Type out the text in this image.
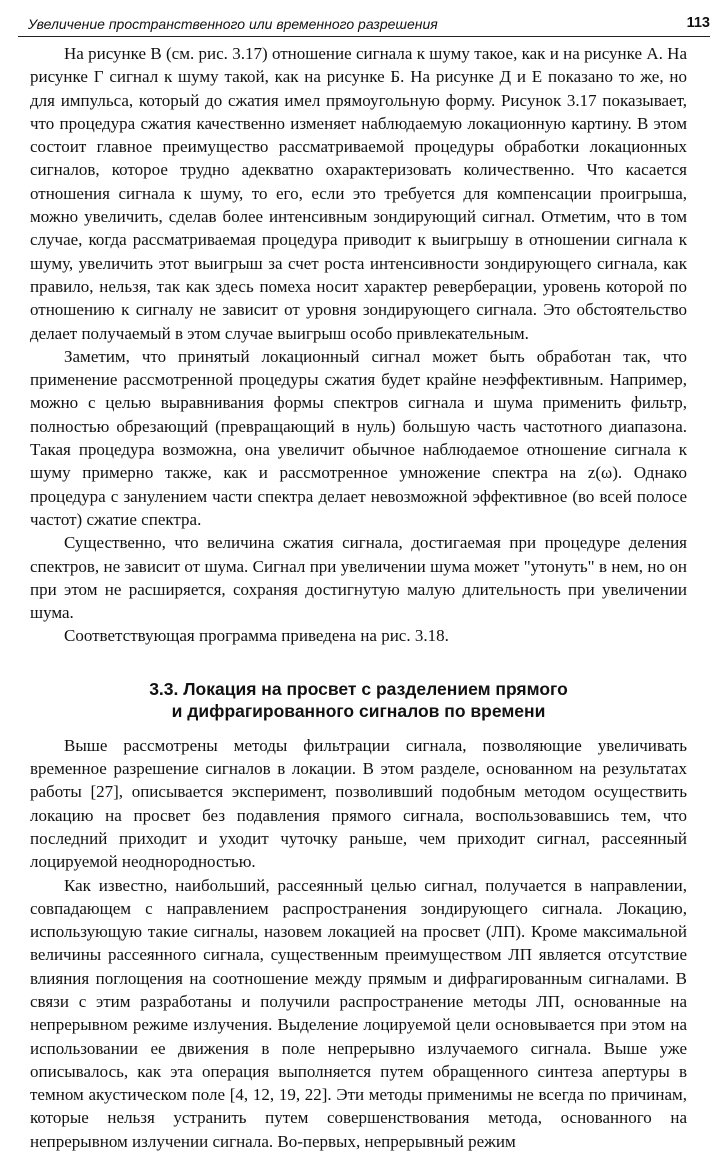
Увеличение пространственного или временного разрешения	113

На рисунке В (см. рис. 3.17) отношение сигнала к шуму такое, как и на рисунке А. На рисунке Г сигнал к шуму такой, как на рисунке Б. На рисунке Д и Е показано то же, но для импульса, который до сжатия имел прямоугольную форму. Рисунок 3.17 показывает, что процедура сжатия качественно изменяет наблюдаемую локационную картину. В этом состоит главное преимущество рассматриваемой процедуры обработки локационных сигналов, которое трудно адекватно охарактеризовать количественно. Что касается отношения сигнала к шуму, то его, если это требуется для компенсации проигрыша, можно увеличить, сделав более интенсивным зондирующий сигнал. Отметим, что в том случае, когда рассматриваемая процедура приводит к выигрышу в отношении сигнала к шуму, увеличить этот выигрыш за счет роста интенсивности зондирующего сигнала, как правило, нельзя, так как здесь помеха носит характер реверберации, уровень которой по отношению к сигналу не зависит от уровня зондирующего сигнала. Это обстоятельство делает получаемый в этом случае выигрыш особо привлекательным.

Заметим, что принятый локационный сигнал может быть обработан так, что применение рассмотренной процедуры сжатия будет крайне неэффективным. Например, можно с целью выравнивания формы спектров сигнала и шума применить фильтр, полностью обрезающий (превращающий в нуль) большую часть частотного диапазона. Такая процедура возможна, она увеличит обычное наблюдаемое отношение сигнала к шуму примерно также, как и рассмотренное умножение спектра на z(ω). Однако процедура с занулением части спектра делает невозможной эффективное (во всей полосе частот) сжатие спектра.

Существенно, что величина сжатия сигнала, достигаемая при процедуре деления спектров, не зависит от шума. Сигнал при увеличении шума может "утонуть" в нем, но он при этом не расширяется, сохраняя достигнутую малую длительность при увеличении шума.

Соответствующая программа приведена на рис. 3.18.

3.3. Локация на просвет с разделением прямого
и дифрагированного сигналов по времени

Выше рассмотрены методы фильтрации сигнала, позволяющие увеличивать временное разрешение сигналов в локации. В этом разделе, основанном на результатах работы [27], описывается эксперимент, позволивший подобным методом осуществить локацию на просвет без подавления прямого сигнала, воспользовавшись тем, что последний приходит и уходит чуточку раньше, чем приходит сигнал, рассеянный лоцируемой неоднородностью.

Как известно, наибольший, рассеянный целью сигнал, получается в направлении, совпадающем с направлением распространения зондирующего сигнала. Локацию, использующую такие сигналы, назовем локацией на просвет (ЛП). Кроме максимальной величины рассеянного сигнала, существенным преимуществом ЛП является отсутствие влияния поглощения на соотношение между прямым и дифрагированным сигналами. В связи с этим разработаны и получили распространение методы ЛП, основанные на непрерывном режиме излучения. Выделение лоцируемой цели основывается при этом на использовании ее движения в поле непрерывно излучаемого сигнала. Выше уже описывалось, как эта операция выполняется путем обращенного синтеза апертуры в темном акустическом поле [4, 12, 19, 22]. Эти методы применимы не всегда по причинам, которые нельзя устранить путем совершенствования метода, основанного на непрерывном излучении сигнала. Во-первых, непрерывный режим
